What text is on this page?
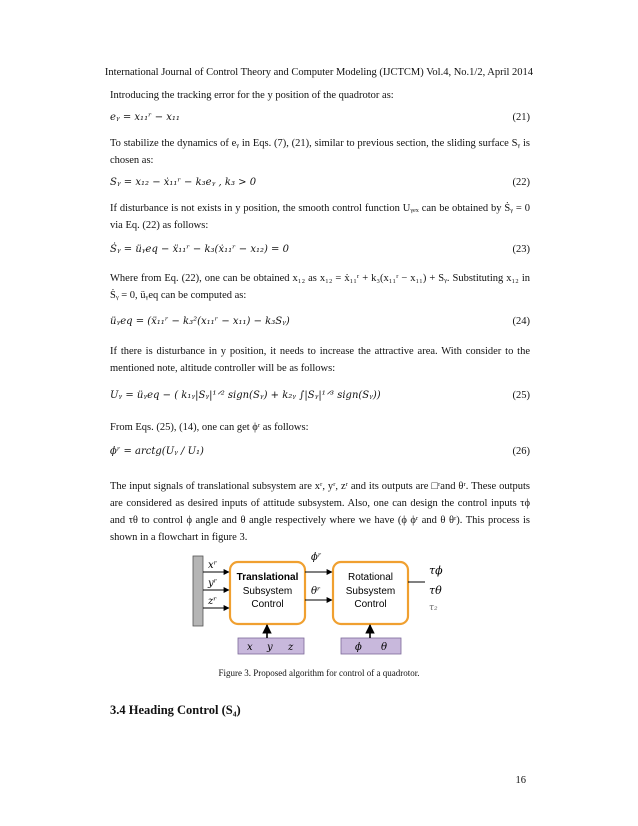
International Journal of Control Theory and Computer Modeling (IJCTCM) Vol.4, No.1/2, April 2014

Introducing the tracking error for the y position of the quadrotor as:

eᵧ = x₁₁ʳ − x₁₁	(21)

To stabilize the dynamics of eᵧ in Eqs. (7), (21), similar to previous section, the sliding surface Sᵧ is chosen as:

Sᵧ = x₁₂ − ẋ₁₁ʳ − k₃eᵧ , k₃ > 0	(22)

If disturbance is not exists in y position, the smooth control function Uᵧₑₓ can be obtained by Ṡᵧ = 0 via Eq. (22) as follows:

Ṡᵧ = üᵧeq − ẍ₁₁ʳ − k₃(ẋ₁₁ʳ − x₁₂) = 0	(23)

Where from Eq. (22), one can be obtained x₁₂ as x₁₂ = ẋ₁₁ʳ + k₃(x₁₁ʳ − x₁₁) + Sᵧ. Substituting x₁₂ in Ṡᵧ = 0, üᵧeq can be computed as:

üᵧeq = (ẍ₁₁ʳ − k₃²(x₁₁ʳ − x₁₁) − k₃Sᵧ)	(24)

If there is disturbance in y position, it needs to increase the attractive area. With consider to the mentioned note, altitude controller will be as follows:

Uᵧ = üᵧeq − ( k₁ᵧ|Sᵧ|¹ᐟ² sign(Sᵧ) + k₂ᵧ ∫|Sᵧ|¹ᐟ³ sign(Sᵧ))	(25)

From Eqs. (25), (14), one can get ϕʳ as follows:

ϕʳ = arctg(Uᵧ / U₁)	(26)

The input signals of translational subsystem are xʳ, yʳ, zʳ and its outputs are □ʳand θʳ. These outputs are considered as desired inputs of attitude subsystem. Also, one can design the control inputs τϕ and τθ to control ϕ angle and θ angle respectively where we have (ϕ ϕʳ and θ θʳ). This process is shown in a flowchart in figure 3.

Translational
Subsystem
Control
Rotational
Subsystem
Control
xʳ
yʳ
zʳ
ϕʳ
θʳ
τϕ
τθ
τ₂
x y z	ϕ θ
Figure 3. Proposed algorithm for control of a quadrotor.
3.4 Heading Control (S₄)
16
